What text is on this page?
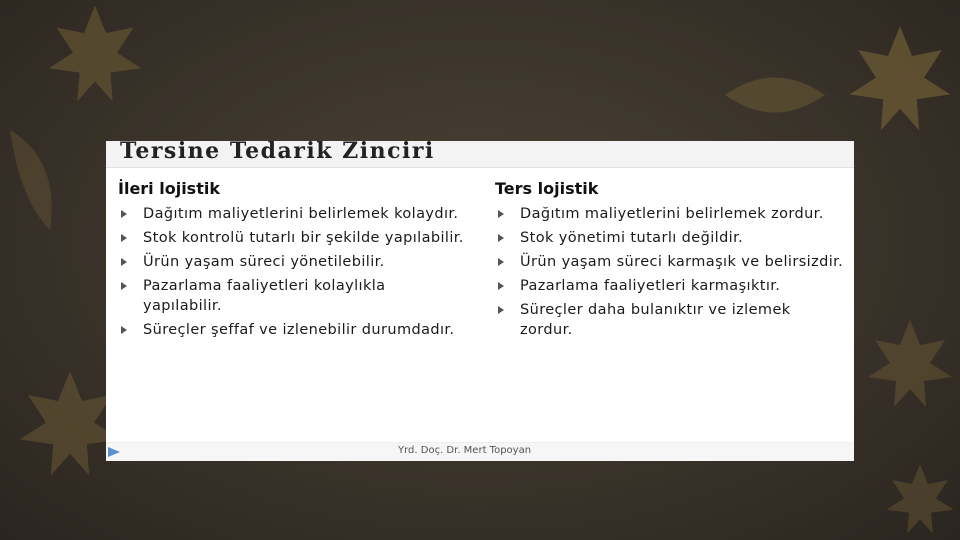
Tersine Tedarik Zinciri
İleri lojistik
Dağıtım maliyetlerini belirlemek kolaydır.
Stok kontrolü tutarlı bir şekilde yapılabilir.
Ürün yaşam süreci yönetilebilir.
Pazarlama faaliyetleri kolaylıkla yapılabilir.
Süreçler şeffaf ve izlenebilir durumdadır.
Ters lojistik
Dağıtım maliyetlerini belirlemek zordur.
Stok yönetimi tutarlı değildir.
Ürün yaşam süreci karmaşık ve belirsizdir.
Pazarlama faaliyetleri karmaşıktır.
Süreçler daha bulanıktır ve izlemek zordur.
Yrd. Doç. Dr. Mert Topoyan
